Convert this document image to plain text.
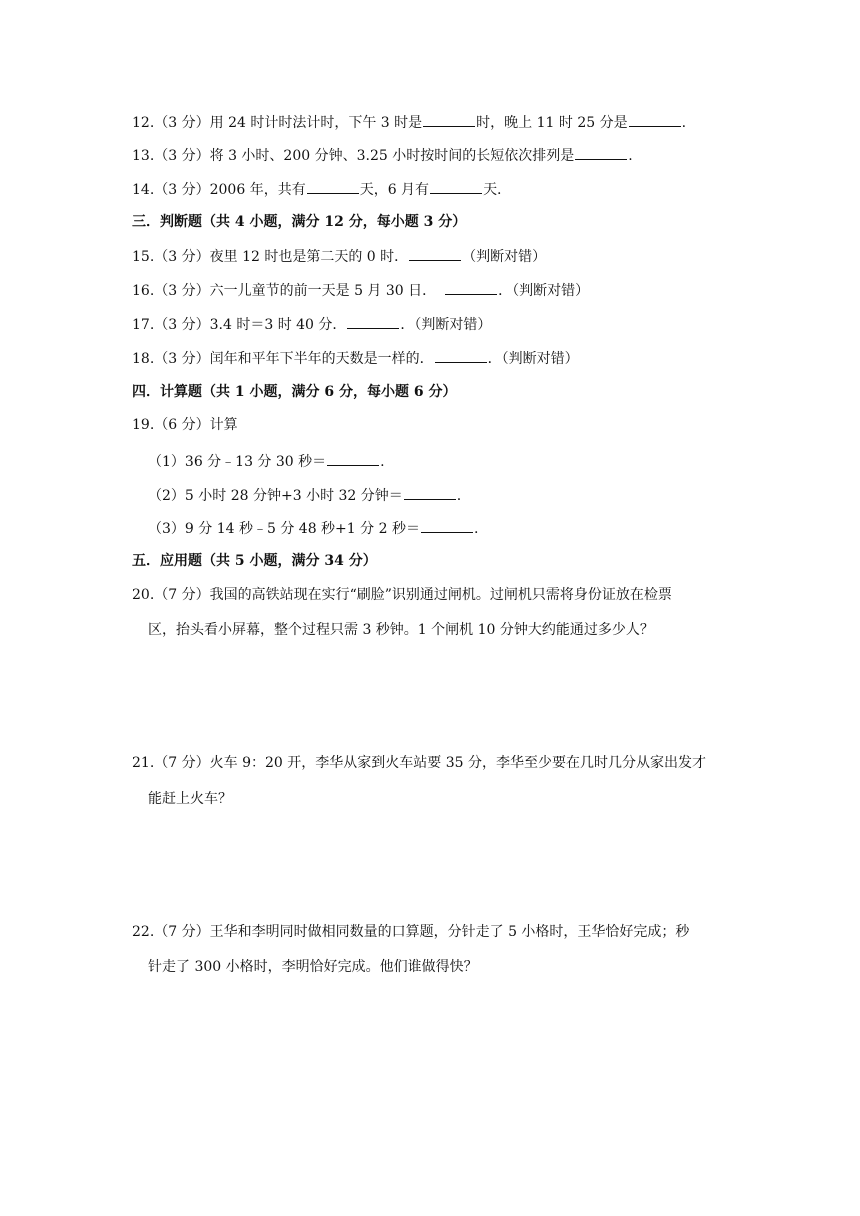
12.（3 分）用 24 时计时法计时，下午 3 时是	时，晚上 11 时 25 分是	.
13.（3 分）将 3 小时、200 分钟、3.25 小时按时间的长短依次排列是	.
14.（3 分）2006 年，共有	天，6 月有	天.
三．判断题（共 4 小题，满分 12 分，每小题 3 分）
15.（3 分）夜里 12 时也是第二天的 0 时．	（判断对错）
16.（3 分）六一儿童节的前一天是 5 月 30 日．	．（判断对错）
17.（3 分）3.4 时＝3 时 40 分．	．（判断对错）
18.（3 分）闰年和平年下半年的天数是一样的．	．（判断对错）
四．计算题（共 1 小题，满分 6 分，每小题 6 分）
19.（6 分）计算
（1）36 分﹣13 分 30 秒＝	.
（2）5 小时 28 分钟+3 小时 32 分钟＝	.
（3）9 分 14 秒﹣5 分 48 秒+1 分 2 秒＝	.
五．应用题（共 5 小题，满分 34 分）
20.（7 分）我国的高铁站现在实行“刷脸”识别通过闸机。过闸机只需将身份证放在检票
区，抬头看小屏幕，整个过程只需 3 秒钟。1 个闸机 10 分钟大约能通过多少人？
21.（7 分）火车 9：20 开，李华从家到火车站要 35 分，李华至少要在几时几分从家出发才
能赶上火车？
22.（7 分）王华和李明同时做相同数量的口算题，分针走了 5 小格时，王华恰好完成；秒
针走了 300 小格时，李明恰好完成。他们谁做得快？
